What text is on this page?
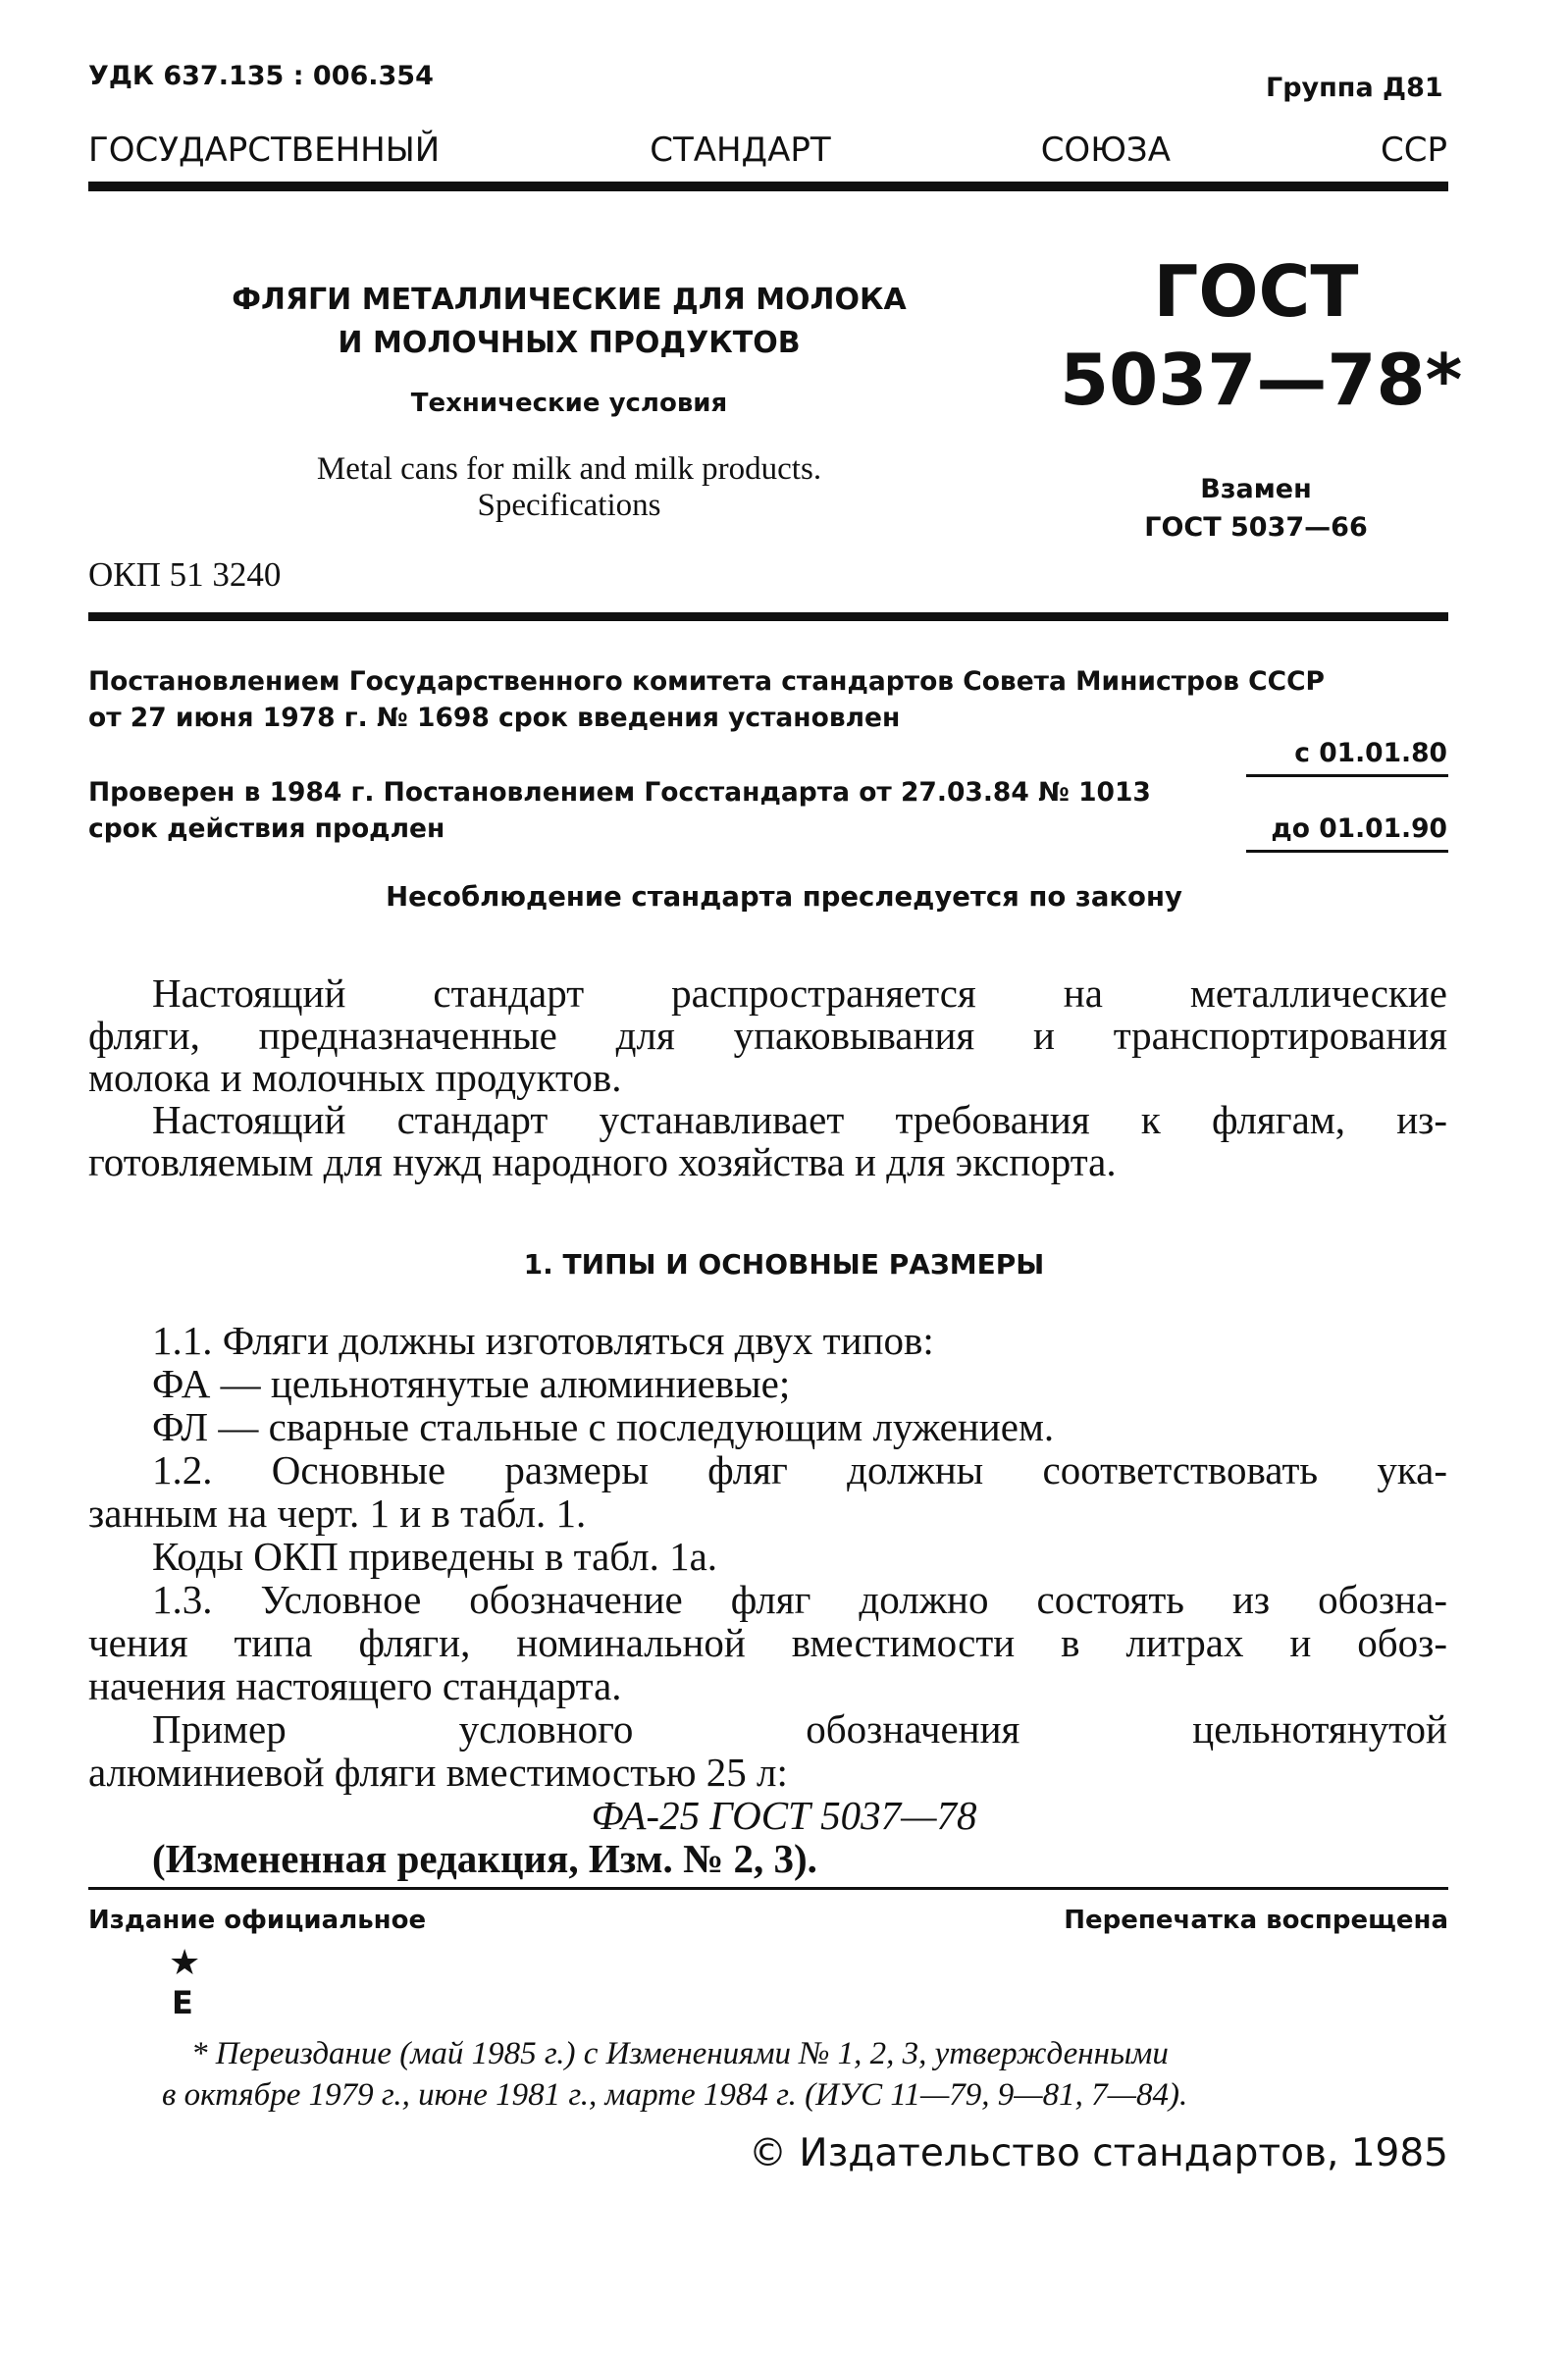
УДК 637.135 : 006.354	Группа Д81
ГОСУДАРСТВЕННЫЙ СТАНДАРТ СОЮЗА ССР
ФЛЯГИ МЕТАЛЛИЧЕСКИЕ ДЛЯ МОЛОКА
И МОЛОЧНЫХ ПРОДУКТОВ
Технические условия
Metal cans for milk and milk products.
Specifications
ОКП 51 3240
ГОСТ
5037—78*
Взамен
ГОСТ 5037—66
Постановлением Государственного комитета стандартов Совета Министров СССР
от 27 июня 1978 г. № 1698 срок введения установлен
с 01.01.80
Проверен в 1984 г. Постановлением Госстандарта от 27.03.84 № 1013
срок действия продлен	до 01.01.90
Несоблюдение стандарта преследуется по закону
Настоящий стандарт распространяется на металлические
фляги, предназначенные для упаковывания и транспортирования
молока и молочных продуктов.
Настоящий стандарт устанавливает требования к флягам, из-
готовляемым для нужд народного хозяйства и для экспорта.
1. ТИПЫ И ОСНОВНЫЕ РАЗМЕРЫ
1.1. Фляги должны изготовляться двух типов:
ФА — цельнотянутые алюминиевые;
ФЛ — сварные стальные с последующим лужением.
1.2. Основные размеры фляг должны соответствовать ука-
занным на черт. 1 и в табл. 1.
Коды ОКП приведены в табл. 1а.
1.3. Условное обозначение фляг должно состоять из обозна-
чения типа фляги, номинальной вместимости в литрах и обоз-
начения настоящего стандарта.
Пример условного обозначения цельнотянутой
алюминиевой фляги вместимостью 25 л:
ФА-25 ГОСТ 5037—78
(Измененная редакция, Изм. № 2, 3).
Издание официальное	Перепечатка воспрещена
★
Е
* Переиздание (май 1985 г.) с Изменениями № 1, 2, 3, утвержденными
в октябре 1979 г., июне 1981 г., марте 1984 г. (ИУС 11—79, 9—81, 7—84).
© Издательство стандартов, 1985
